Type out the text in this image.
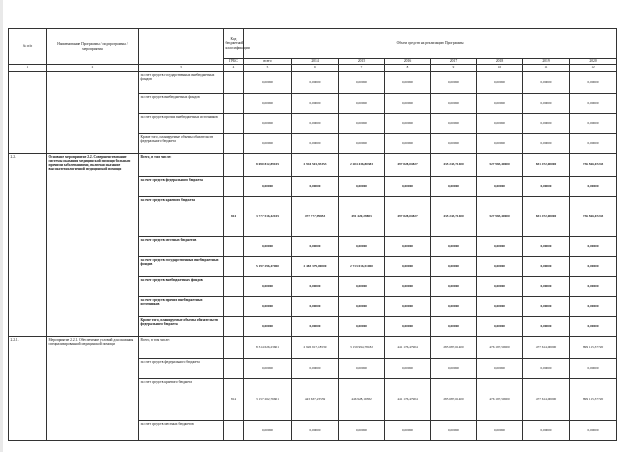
№ п/п	Наименование Программы / подпрограммы / мероприятия		Код бюджетной классификации	Объем средств на реализацию Программы							
			ГРБС	всего	2014	2015	2016	2017	2018	2019	2020
1	2	3	4	5	6	7	8	9	10	11	12
		за счет средств государственных внебюджетных фондов		0,00000	0,00000	0,00000	0,00000	0,00000	0,00000	0,00000	0,00000
		за счет средств внебюджетных фондов		0,00000	0,00000	0,00000	0,00000	0,00000	0,00000	0,00000	0,00000
		за счет средств прочих внебюджетных источников		0,00000	0,00000	0,00000	0,00000	0,00000	0,00000	0,00000	0,00000
		Кроме того, планируемые объемы обязательств федерального бюджета		0,00000	0,00000	0,00000	0,00000	0,00000	0,00000	0,00000	0,00000
2.2.	Основное мероприятие 2.2. Совершенствование системы оказания медицинской помощи больным прочими заболеваниями, включая оказание высокотехнологичной медицинской помощи	Всего, в том числе:		8 690 812,89105	2 944 501,93353	2 204 436,80383	497 828,04827	435 243,71400	527 983,40000	831 472,00000	736 566,67243
		за счет средств федерального бюджета		0,00000	0,00000	0,00000	0,00000	0,00000	0,00000	0,00000	0,00000
		за счет средств краевого бюджета	814	3 ??? 516,42105	477 ???,99853	491 420,29883	497 828,04827	435 243,71400	527 983,40000	831 472,00000	736 566,67243
		за счет средств местных бюджетов		0,00000	0,00000	0,00000	0,00000	0,00000	0,00000	0,00000	0,00000
		за счет средств государственных внебюджетных фондов		5 197 296,47000	2 483 379,00000	2 713 016,51000	0,00000	0,00000	0,00000	0,00000	0,00000
		за счет средств внебюджетных фондов		0,00000	0,00000	0,00000	0,00000	0,00000	0,00000	0,00000	0,00000
		за счет средств прочих внебюджетных источников		0,00000	0,00000	0,00000	0,00000	0,00000	0,00000	0,00000	0,00000
		Кроме того, планируемые объемы обязательств федерального бюджета		0,00000	0,00000	0,00000	0,00000	0,00000	0,00000	0,00000	0,00000
2.2.1.	Мероприятие 2.2.1. Обеспечение условий для оказания специализированной медицинской помощи	Всего, в том числе:		8 314 626,23601	2 926 917,18539	3 159 994,78182	441 176,47904	285 687,61400	476 197,50000	477 614,00000	899 115,37720
		за счет средств федерального бюджета		0,00000	0,00000	0,00000	0,00000	0,00000	0,00000	0,00000	0,00000
		за счет средств краевого бюджета	814	3 157 262,76601	443 637,23539	446 928,19382	441 176,47904	285 687,61400	476 197,50000	477 614,00000	899 115,37720
		за счет средств местных бюджетов		0,00000	0,00000	0,00000	0,00000	0,00000	0,00000	0,00000	0,00000
